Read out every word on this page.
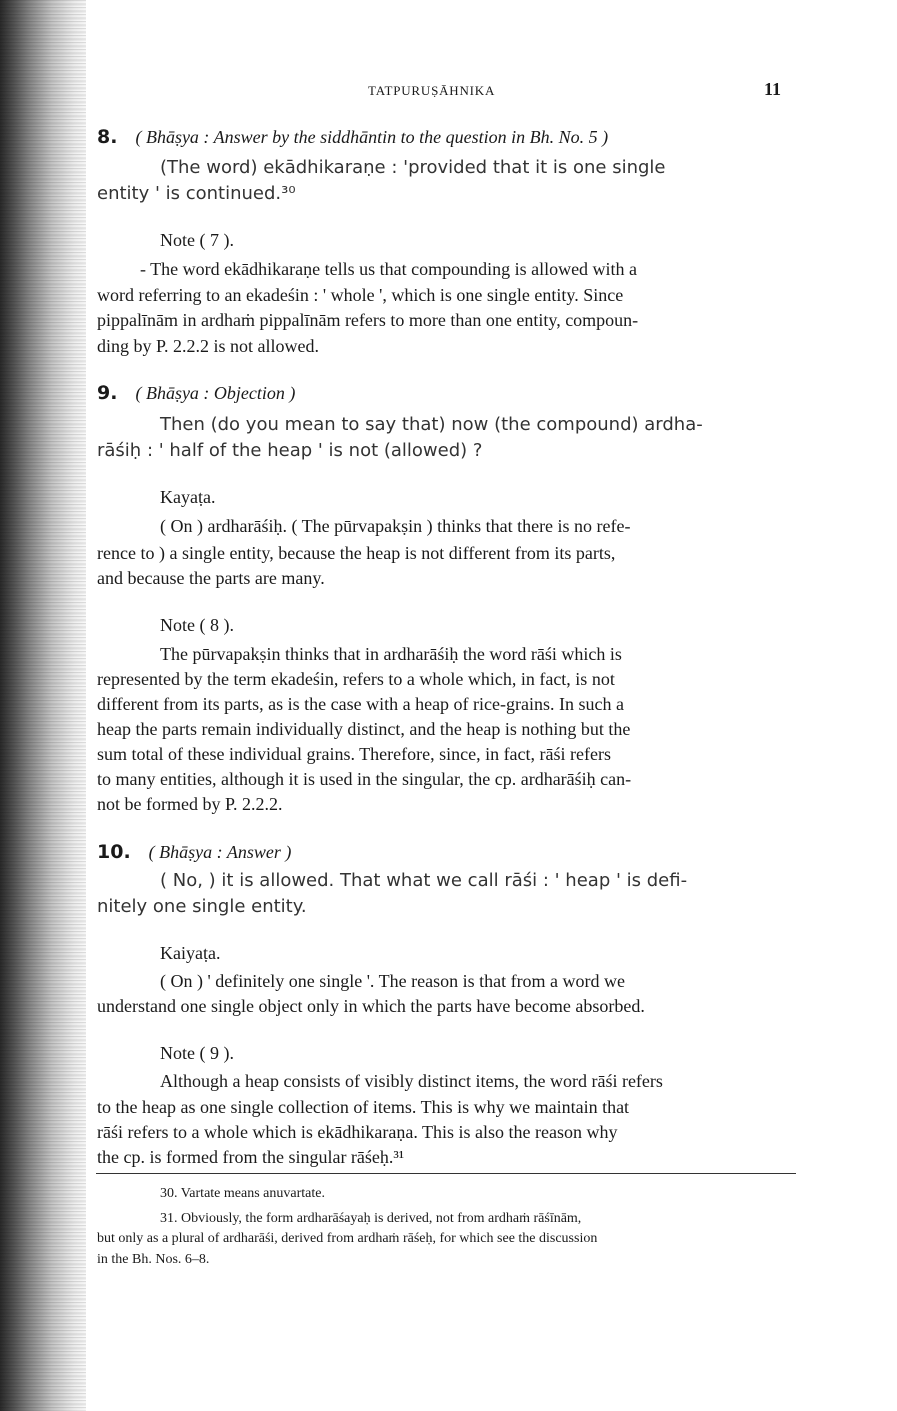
TATPURUṢĀHNIKA	11
8. ( Bhāṣya : Answer by the siddhāntin to the question in Bh. No. 5 )
(The word) ekādhikaraṇe : 'provided that it is one single
entity ' is continued.³⁰
Note ( 7 ).
- The word ekādhikaraṇe tells us that compounding is allowed with a
word referring to an ekadeśin : ' whole ', which is one single entity. Since
pippalīnām in ardhaṁ pippalīnām refers to more than one entity, compoun-
ding by P. 2.2.2 is not allowed.
9. ( Bhāṣya : Objection )
Then (do you mean to say that) now (the compound) ardha-
rāśiḥ : ' half of the heap ' is not (allowed) ?
Kayaṭa.
( On ) ardharāśiḥ. ( The pūrvapakṣin ) thinks that there is no refe-
rence to ) a single entity, because the heap is not different from its parts,
and because the parts are many.
Note ( 8 ).
The pūrvapakṣin thinks that in ardharāśiḥ the word rāśi which is
represented by the term ekadeśin, refers to a whole which, in fact, is not
different from its parts, as is the case with a heap of rice-grains. In such a
heap the parts remain individually distinct, and the heap is nothing but the
sum total of these individual grains. Therefore, since, in fact, rāśi refers
to many entities, although it is used in the singular, the cp. ardharāśiḥ can-
not be formed by P. 2.2.2.
10. ( Bhāṣya : Answer )
( No, ) it is allowed. That what we call rāśi : ' heap ' is defi-
nitely one single entity.
Kaiyaṭa.
( On ) ' definitely one single '. The reason is that from a word we
understand one single object only in which the parts have become absorbed.
Note ( 9 ).
Although a heap consists of visibly distinct items, the word rāśi refers
to the heap as one single collection of items. This is why we maintain that
rāśi refers to a whole which is ekādhikaraṇa. This is also the reason why
the cp. is formed from the singular rāśeḥ.³¹
30. Vartate means anuvartate.
31. Obviously, the form ardharāśayaḥ is derived, not from ardhaṁ rāśīnām,
but only as a plural of ardharāśi, derived from ardhaṁ rāśeḥ, for which see the discussion
in the Bh. Nos. 6–8.
